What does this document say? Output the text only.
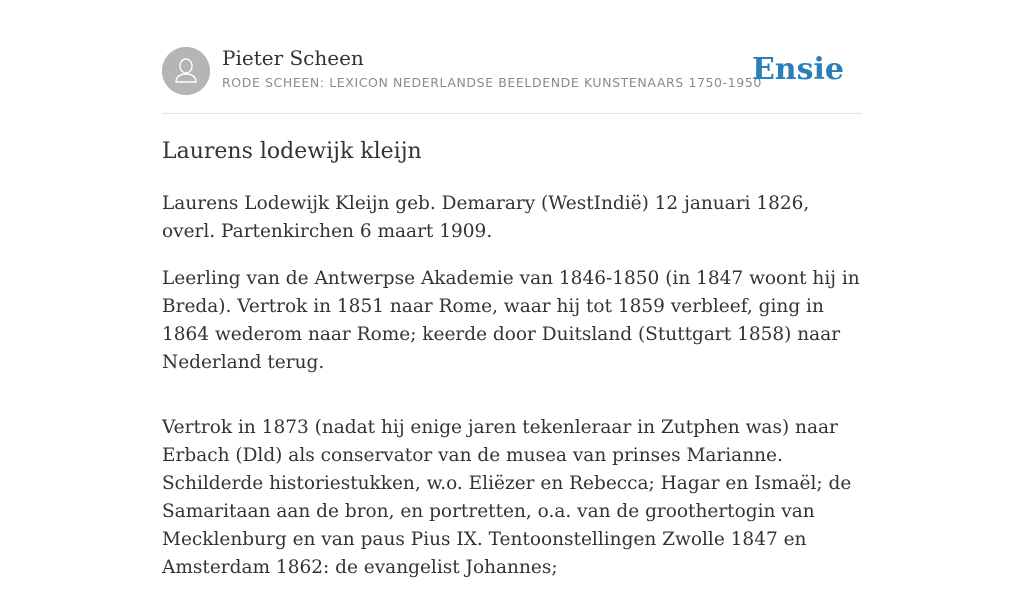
Pieter Scheen
RODE SCHEEN: LEXICON NEDERLANDSE BEELDENDE KUNSTENAARS 1750-1950
Ensie
Laurens lodewijk kleijn

Laurens Lodewijk Kleijn geb. Demarary (WestIndië) 12 januari 1826, overl. Partenkirchen 6 maart 1909.

Leerling van de Antwerpse Akademie van 1846-1850 (in 1847 woont hij in Breda). Vertrok in 1851 naar Rome, waar hij tot 1859 verbleef, ging in 1864 wederom naar Rome; keerde door Duitsland (Stuttgart 1858) naar Nederland terug.

Vertrok in 1873 (nadat hij enige jaren tekenleraar in Zutphen was) naar Erbach (Dld) als conservator van de musea van prinses Marianne. Schilderde historiestukken, w.o. Eliëzer en Rebecca; Hagar en Ismaël; de Samaritaan aan de bron, en portretten, o.a. van de groothertogin van Mecklenburg en van paus Pius IX. Tentoonstellingen Zwolle 1847 en Amsterdam 1862: de evangelist Johannes;
